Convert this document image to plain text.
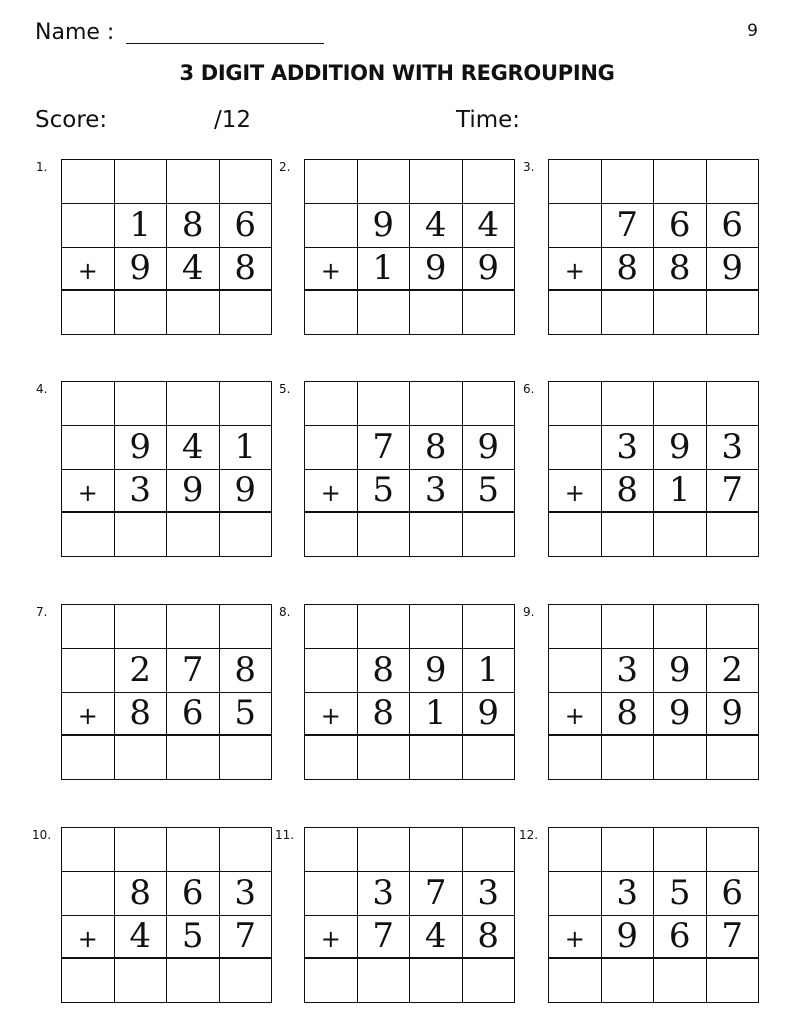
Name :	9
3 DIGIT ADDITION WITH REGROUPING
Score:	/12	Time:
1.
1 8 6
+ 9 4 8
2.
9 4 4
+ 1 9 9
3.
7 6 6
+ 8 8 9
4.
9 4 1
+ 3 9 9
5.
7 8 9
+ 5 3 5
6.
3 9 3
+ 8 1 7
7.
2 7 8
+ 8 6 5
8.
8 9 1
+ 8 1 9
9.
3 9 2
+ 8 9 9
10.
8 6 3
+ 4 5 7
11.
3 7 3
+ 7 4 8
12.
3 5 6
+ 9 6 7
